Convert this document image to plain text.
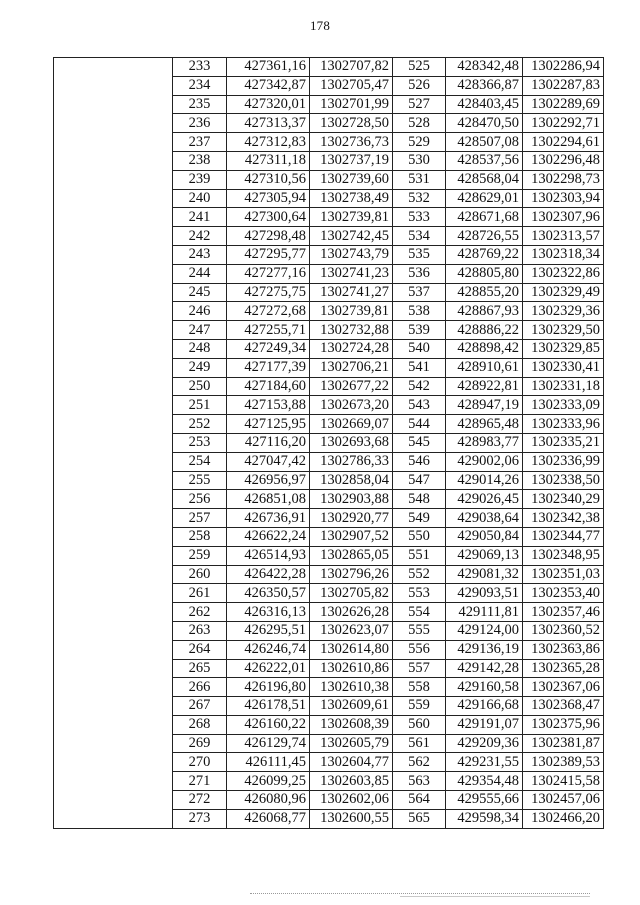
178
	233	427361,16	1302707,82	525	428342,48	1302286,94
	234	427342,87	1302705,47	526	428366,87	1302287,83
	235	427320,01	1302701,99	527	428403,45	1302289,69
	236	427313,37	1302728,50	528	428470,50	1302292,71
	237	427312,83	1302736,73	529	428507,08	1302294,61
	238	427311,18	1302737,19	530	428537,56	1302296,48
	239	427310,56	1302739,60	531	428568,04	1302298,73
	240	427305,94	1302738,49	532	428629,01	1302303,94
	241	427300,64	1302739,81	533	428671,68	1302307,96
	242	427298,48	1302742,45	534	428726,55	1302313,57
	243	427295,77	1302743,79	535	428769,22	1302318,34
	244	427277,16	1302741,23	536	428805,80	1302322,86
	245	427275,75	1302741,27	537	428855,20	1302329,49
	246	427272,68	1302739,81	538	428867,93	1302329,36
	247	427255,71	1302732,88	539	428886,22	1302329,50
	248	427249,34	1302724,28	540	428898,42	1302329,85
	249	427177,39	1302706,21	541	428910,61	1302330,41
	250	427184,60	1302677,22	542	428922,81	1302331,18
	251	427153,88	1302673,20	543	428947,19	1302333,09
	252	427125,95	1302669,07	544	428965,48	1302333,96
	253	427116,20	1302693,68	545	428983,77	1302335,21
	254	427047,42	1302786,33	546	429002,06	1302336,99
	255	426956,97	1302858,04	547	429014,26	1302338,50
	256	426851,08	1302903,88	548	429026,45	1302340,29
	257	426736,91	1302920,77	549	429038,64	1302342,38
	258	426622,24	1302907,52	550	429050,84	1302344,77
	259	426514,93	1302865,05	551	429069,13	1302348,95
	260	426422,28	1302796,26	552	429081,32	1302351,03
	261	426350,57	1302705,82	553	429093,51	1302353,40
	262	426316,13	1302626,28	554	429111,81	1302357,46
	263	426295,51	1302623,07	555	429124,00	1302360,52
	264	426246,74	1302614,80	556	429136,19	1302363,86
	265	426222,01	1302610,86	557	429142,28	1302365,28
	266	426196,80	1302610,38	558	429160,58	1302367,06
	267	426178,51	1302609,61	559	429166,68	1302368,47
	268	426160,22	1302608,39	560	429191,07	1302375,96
	269	426129,74	1302605,79	561	429209,36	1302381,87
	270	426111,45	1302604,77	562	429231,55	1302389,53
	271	426099,25	1302603,85	563	429354,48	1302415,58
	272	426080,96	1302602,06	564	429555,66	1302457,06
	273	426068,77	1302600,55	565	429598,34	1302466,20
